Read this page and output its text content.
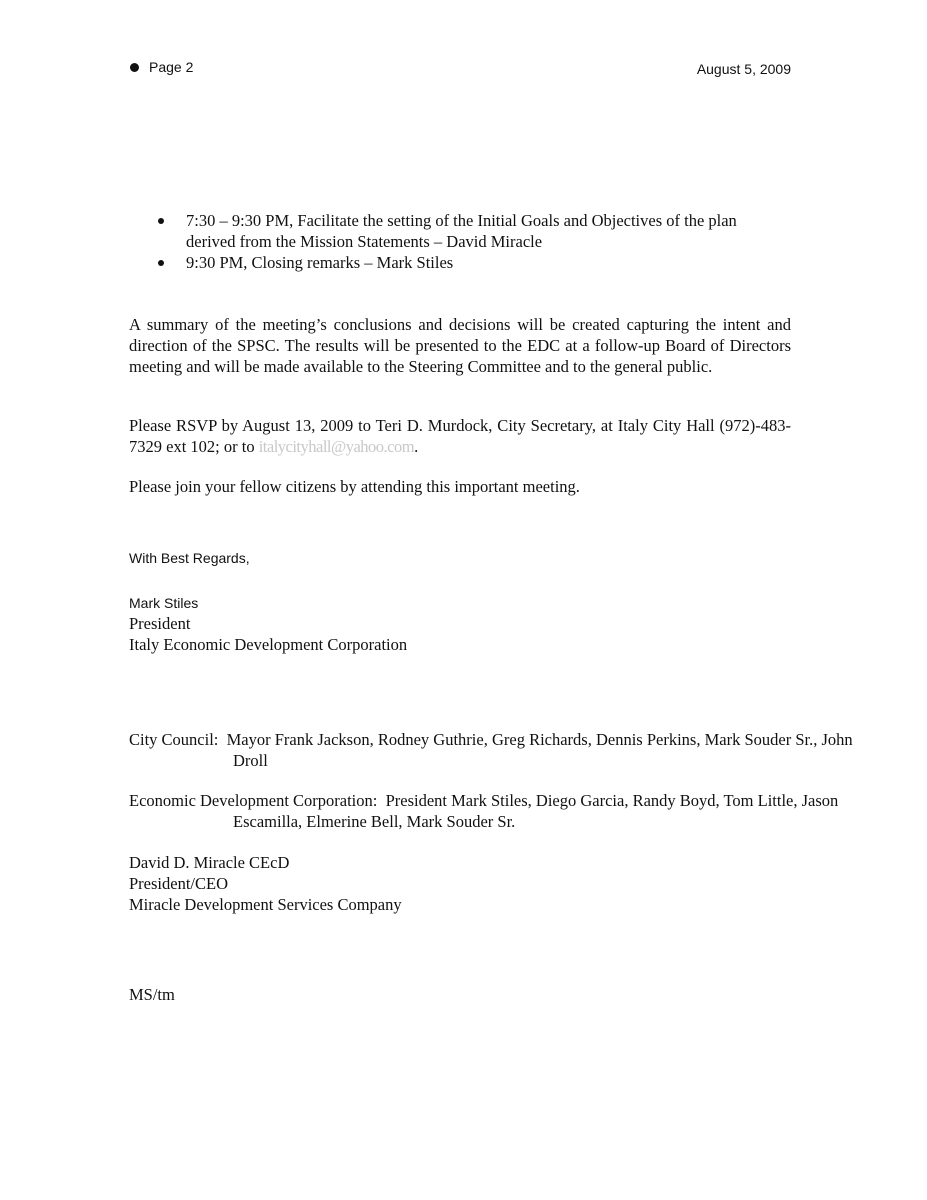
Page 2	August 5, 2009
7:30 – 9:30 PM, Facilitate the setting of the Initial Goals and Objectives of the plan
derived from the Mission Statements – David Miracle
9:30 PM, Closing remarks – Mark Stiles

A summary of the meeting’s conclusions and decisions will be created capturing the intent and direction of the SPSC. The results will be presented to the EDC at a follow-up Board of Directors meeting and will be made available to the Steering Committee and to the general public.

Please RSVP by August 13, 2009 to Teri D. Murdock, City Secretary, at Italy City Hall (972)-483-7329 ext 102; or to italycityhall@yahoo.com.

Please join your fellow citizens by attending this important meeting.

With Best Regards,

Mark Stiles
President
Italy Economic Development Corporation

City Council:  Mayor Frank Jackson, Rodney Guthrie, Greg Richards, Dennis Perkins, Mark Souder Sr., John Droll

Economic Development Corporation:  President Mark Stiles, Diego Garcia, Randy Boyd, Tom Little, Jason Escamilla, Elmerine Bell, Mark Souder Sr.

David D. Miracle CEcD
President/CEO
Miracle Development Services Company

MS/tm
